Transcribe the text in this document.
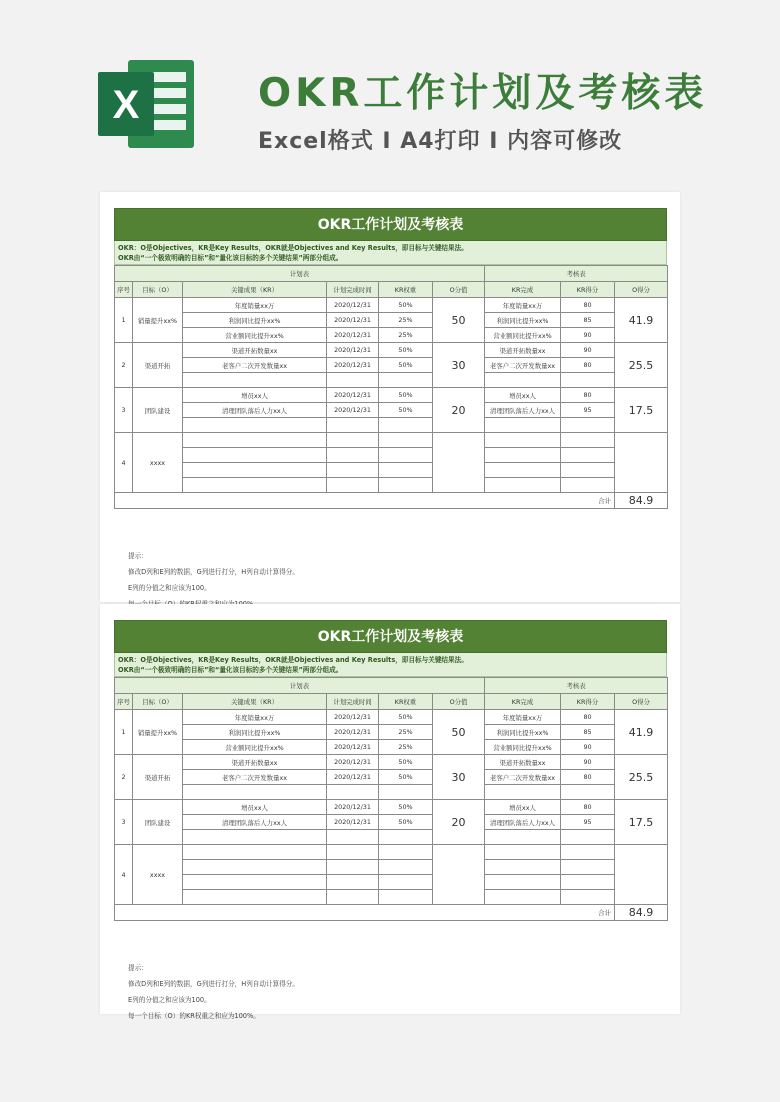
X	OKR工作计划及考核表
Excel格式 I A4打印 I 内容可修改
OKR工作计划及考核表
OKR：O是Objectives，KR是Key Results，OKR就是Objectives and Key Results，即目标与关键结果法。
OKR由“一个极致明确的目标”和“量化该目标的多个关键结果”两部分组成。
计划表						考核表		
序号	目标（O）	关键成果（KR）	计划完成时间	KR权重	O分值	KR完成	KR得分	O得分
1	销量提升xx%	年度销量xx万	2020/12/31	50%	50	年度销量xx万	80	41.9
		利润同比提升xx%	2020/12/31	25%		利润同比提升xx%	85	
		营业额同比提升xx%	2020/12/31	25%		营业额同比提升xx%	90	
2	渠道开拓	渠道开拓数量xx	2020/12/31	50%	30	渠道开拓数量xx	90	25.5
		老客户二次开发数量xx	2020/12/31	50%		老客户二次开发数量xx	80	

3	团队建设	增员xx人	2020/12/31	50%	20	增员xx人	80	17.5
		清理团队落后人力xx人	2020/12/31	50%		清理团队落后人力xx人	95	

4	xxxx							

合计								84.9
提示：
修改D列和E列的数据，G列进行打分，H列自动计算得分。
E列的分值之和应该为100。
OKR工作计划及考核表
OKR：O是Objectives，KR是Key Results，OKR就是Objectives and Key Results，即目标与关键结果法。
OKR由“一个极致明确的目标”和“量化该目标的多个关键结果”两部分组成。
计划表						考核表		
序号	目标（O）	关键成果（KR）	计划完成时间	KR权重	O分值	KR完成	KR得分	O得分
1	销量提升xx%	年度销量xx万	2020/12/31	50%	50	年度销量xx万	80	41.9
		利润同比提升xx%	2020/12/31	25%		利润同比提升xx%	85	
		营业额同比提升xx%	2020/12/31	25%		营业额同比提升xx%	90	
2	渠道开拓	渠道开拓数量xx	2020/12/31	50%	30	渠道开拓数量xx	90	25.5
		老客户二次开发数量xx	2020/12/31	50%		老客户二次开发数量xx	80	

3	团队建设	增员xx人	2020/12/31	50%	20	增员xx人	80	17.5
		清理团队落后人力xx人	2020/12/31	50%		清理团队落后人力xx人	95	

4	xxxx							

合计								84.9
提示：
修改D列和E列的数据，G列进行打分，H列自动计算得分。
E列的分值之和应该为100。
每一个目标（O）的KR权重之和应为100%。
